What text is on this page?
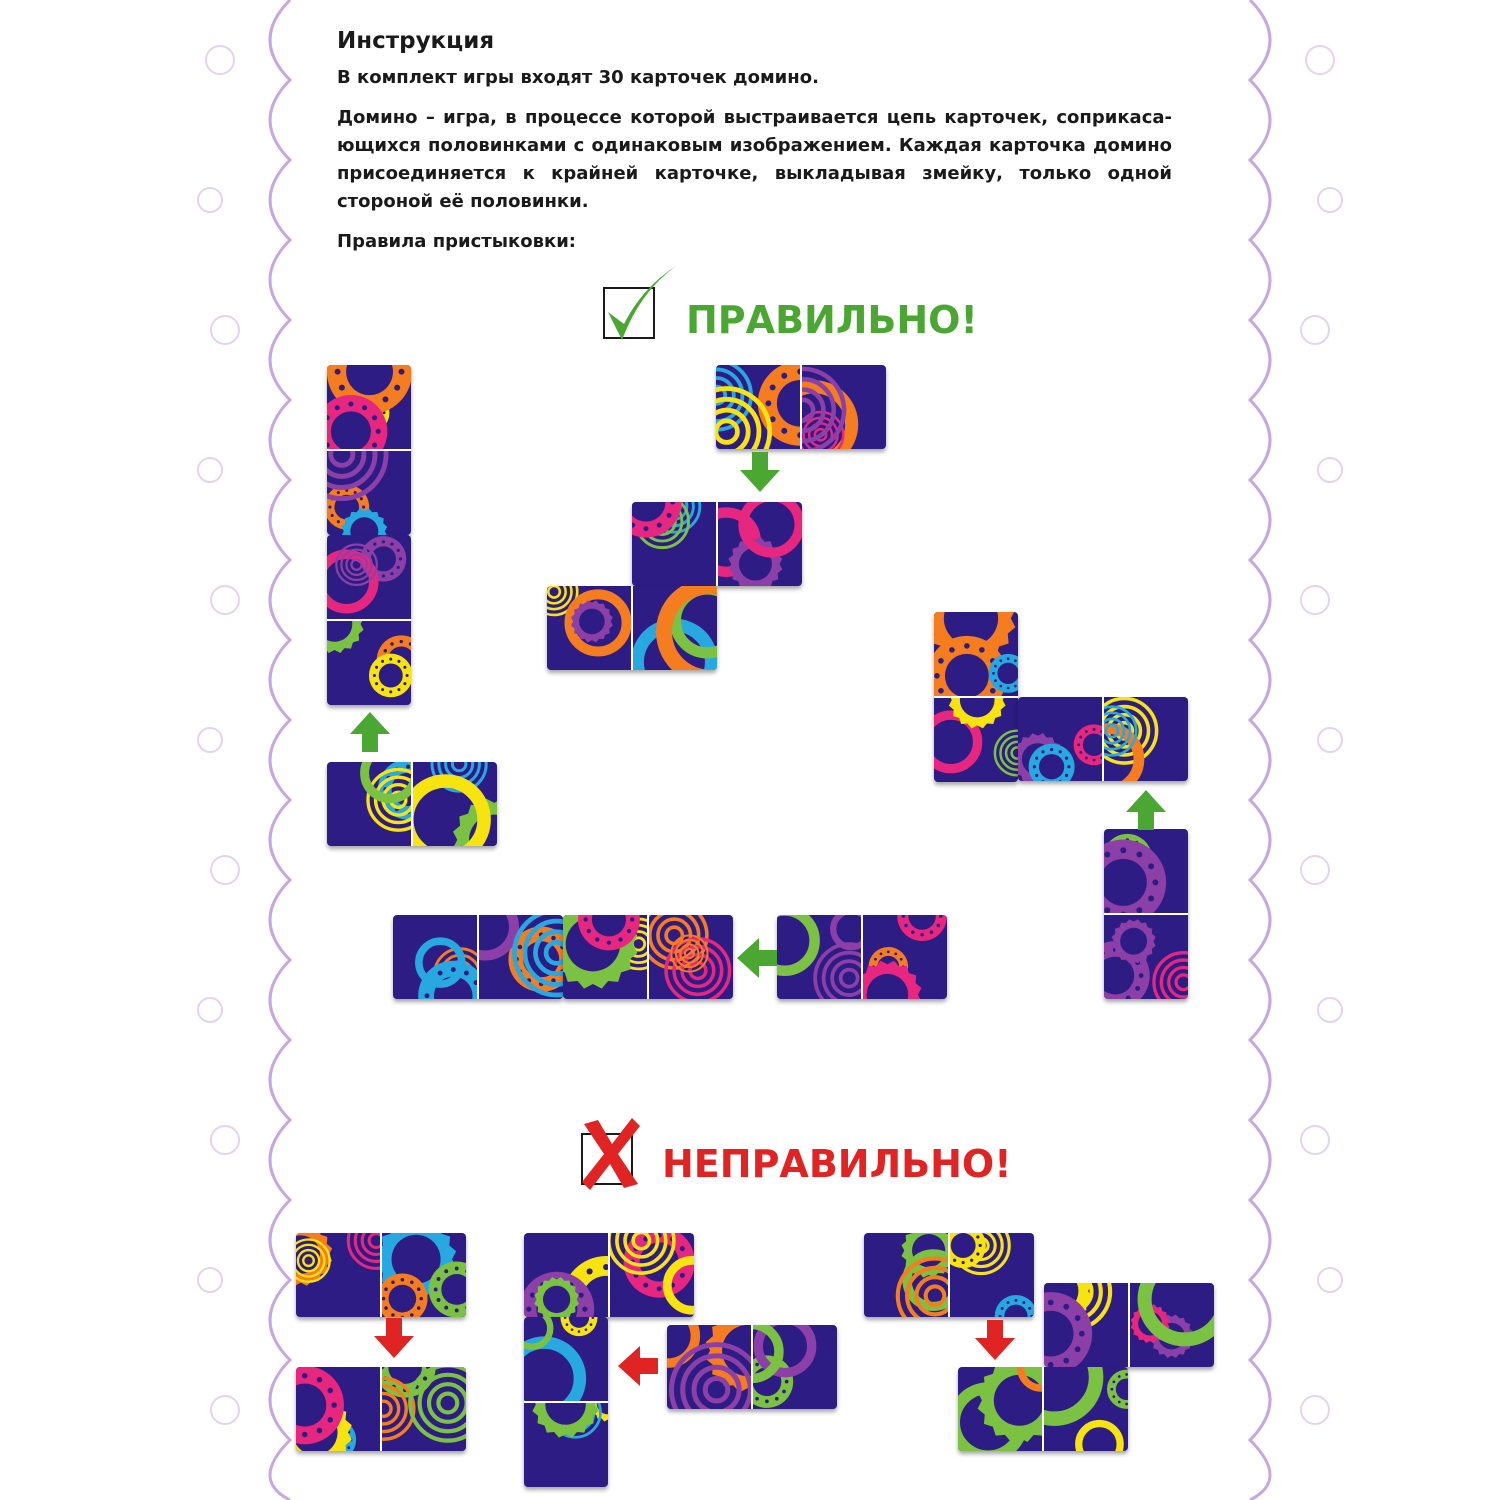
Инструкция

В комплект игры входят 30 карточек домино.

Домино – игра, в процессе которой выстраивается цепь карточек, соприкаса-ющихся половинками с одинаковым изображением. Каждая карточка домино присоединяется к крайней карточке, выкладывая змейку, только одной стороной её половинки.

Правила пристыковки:

ПРАВИЛЬНО!
НЕПРАВИЛЬНО!
